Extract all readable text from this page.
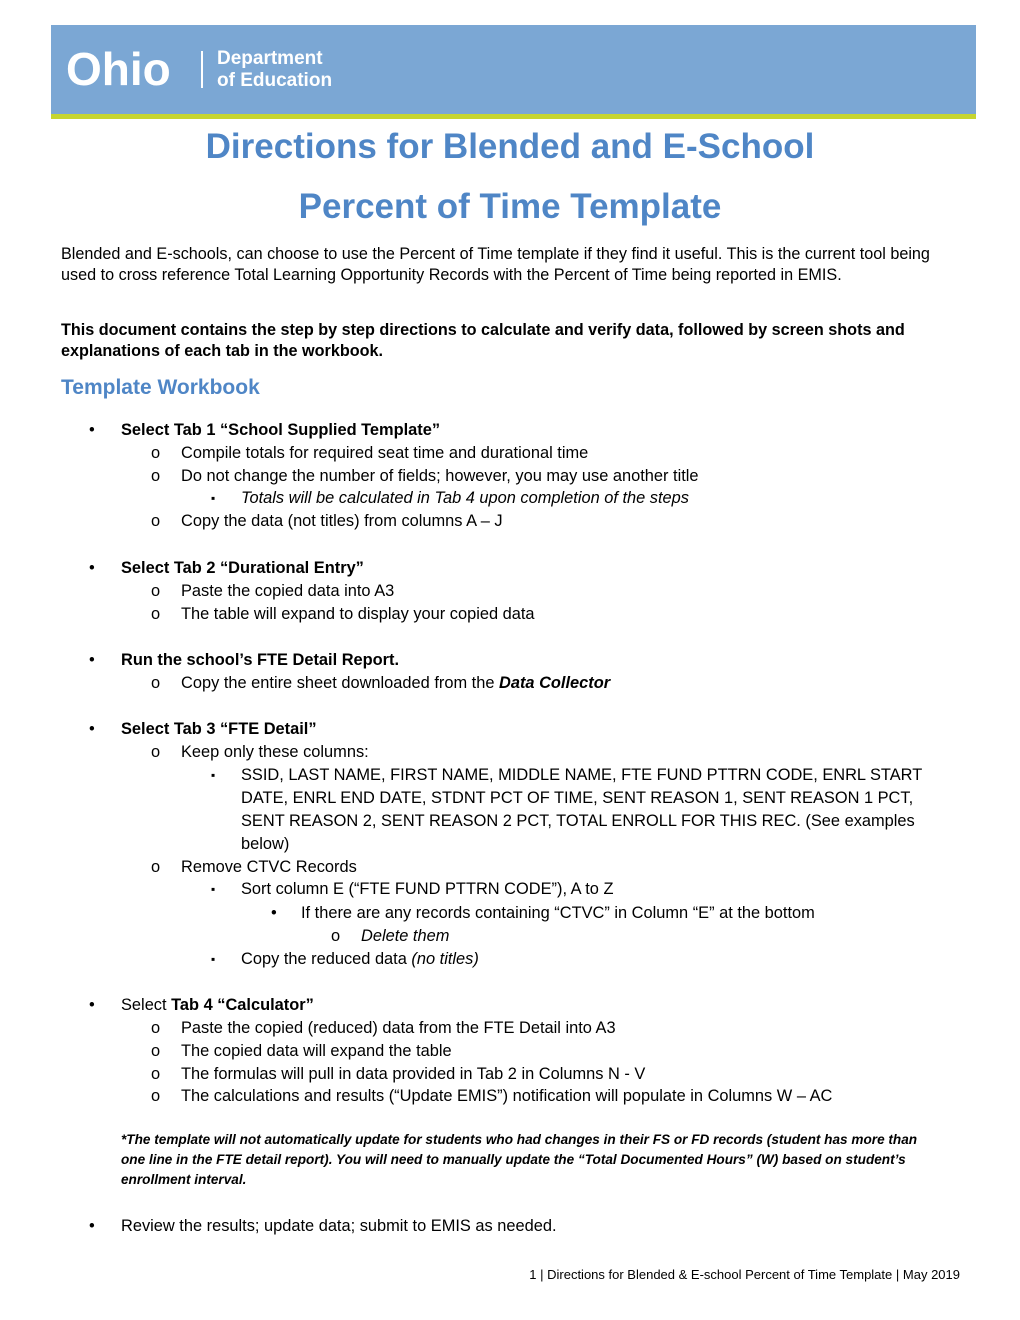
Ohio Department
of Education
Directions for Blended and E-School
Percent of Time Template
Blended and E-schools, can choose to use the Percent of Time template if they find it useful. This is the current tool being used to cross reference Total Learning Opportunity Records with the Percent of Time being reported in EMIS.
This document contains the step by step directions to calculate and verify data, followed by screen shots and explanations of each tab in the workbook.
Template Workbook
• Select Tab 1 “School Supplied Template”
o Compile totals for required seat time and durational time
o Do not change the number of fields; however, you may use another title
▪ Totals will be calculated in Tab 4 upon completion of the steps
o Copy the data (not titles) from columns A – J
• Select Tab 2 “Durational Entry”
o Paste the copied data into A3
o The table will expand to display your copied data
• Run the school’s FTE Detail Report.
o Copy the entire sheet downloaded from the Data Collector
• Select Tab 3 “FTE Detail”
o Keep only these columns:
▪ SSID, LAST NAME, FIRST NAME, MIDDLE NAME, FTE FUND PTTRN CODE, ENRL START DATE, ENRL END DATE, STDNT PCT OF TIME, SENT REASON 1, SENT REASON 1 PCT, SENT REASON 2, SENT REASON 2 PCT, TOTAL ENROLL FOR THIS REC. (See examples below)
o Remove CTVC Records
▪ Sort column E (“FTE FUND PTTRN CODE”), A to Z
• If there are any records containing “CTVC” in Column “E” at the bottom
o Delete them
▪ Copy the reduced data (no titles)
• Select Tab 4 “Calculator”
o Paste the copied (reduced) data from the FTE Detail into A3
o The copied data will expand the table
o The formulas will pull in data provided in Tab 2 in Columns N - V
o The calculations and results (“Update EMIS”) notification will populate in Columns W – AC
*The template will not automatically update for students who had changes in their FS or FD records (student has more than one line in the FTE detail report). You will need to manually update the “Total Documented Hours” (W) based on student’s enrollment interval.
• Review the results; update data; submit to EMIS as needed.
1 | Directions for Blended & E-school Percent of Time Template | May 2019
